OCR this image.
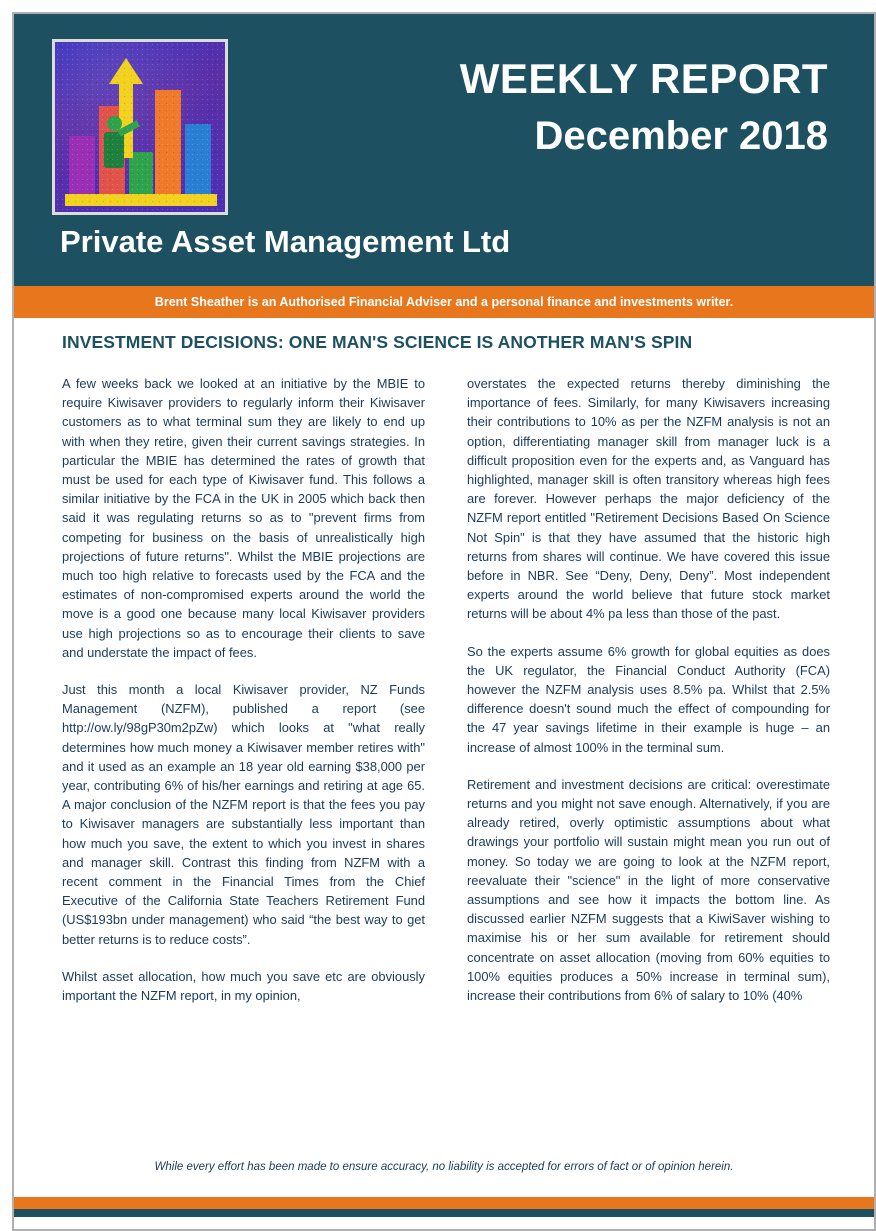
WEEKLY REPORT
December 2018
Private Asset Management Ltd
Brent Sheather is an Authorised Financial Adviser and a personal finance and investments writer.
INVESTMENT DECISIONS: ONE MAN'S SCIENCE IS ANOTHER MAN'S SPIN

A few weeks back we looked at an initiative by the MBIE to require Kiwisaver providers to regularly inform their Kiwisaver customers as to what terminal sum they are likely to end up with when they retire, given their current savings strategies. In particular the MBIE has determined the rates of growth that must be used for each type of Kiwisaver fund. This follows a similar initiative by the FCA in the UK in 2005 which back then said it was regulating returns so as to "prevent firms from competing for business on the basis of unrealistically high projections of future returns". Whilst the MBIE projections are much too high relative to forecasts used by the FCA and the estimates of non-compromised experts around the world the move is a good one because many local Kiwisaver providers use high projections so as to encourage their clients to save and understate the impact of fees.

Just this month a local Kiwisaver provider, NZ Funds Management (NZFM), published a report (see http://ow.ly/98gP30m2pZw) which looks at "what really determines how much money a Kiwisaver member retires with" and it used as an example an 18 year old earning $38,000 per year, contributing 6% of his/her earnings and retiring at age 65. A major conclusion of the NZFM report is that the fees you pay to Kiwisaver managers are substantially less important than how much you save, the extent to which you invest in shares and manager skill. Contrast this finding from NZFM with a recent comment in the Financial Times from the Chief Executive of the California State Teachers Retirement Fund (US$193bn under management) who said “the best way to get better returns is to reduce costs”.

Whilst asset allocation, how much you save etc are obviously important the NZFM report, in my opinion,

overstates the expected returns thereby diminishing the importance of fees. Similarly, for many Kiwisavers increasing their contributions to 10% as per the NZFM analysis is not an option, differentiating manager skill from manager luck is a difficult proposition even for the experts and, as Vanguard has highlighted, manager skill is often transitory whereas high fees are forever. However perhaps the major deficiency of the NZFM report entitled "Retirement Decisions Based On Science Not Spin" is that they have assumed that the historic high returns from shares will continue. We have covered this issue before in NBR. See “Deny, Deny, Deny”. Most independent experts around the world believe that future stock market returns will be about 4% pa less than those of the past.

So the experts assume 6% growth for global equities as does the UK regulator, the Financial Conduct Authority (FCA) however the NZFM analysis uses 8.5% pa. Whilst that 2.5% difference doesn't sound much the effect of compounding for the 47 year savings lifetime in their example is huge – an increase of almost 100% in the terminal sum.

Retirement and investment decisions are critical: overestimate returns and you might not save enough. Alternatively, if you are already retired, overly optimistic assumptions about what drawings your portfolio will sustain might mean you run out of money. So today we are going to look at the NZFM report, reevaluate their "science" in the light of more conservative assumptions and see how it impacts the bottom line. As discussed earlier NZFM suggests that a KiwiSaver wishing to maximise his or her sum available for retirement should concentrate on asset allocation (moving from 60% equities to 100% equities produces a 50% increase in terminal sum), increase their contributions from 6% of salary to 10% (40%

While every effort has been made to ensure accuracy, no liability is accepted for errors of fact or of opinion herein.
